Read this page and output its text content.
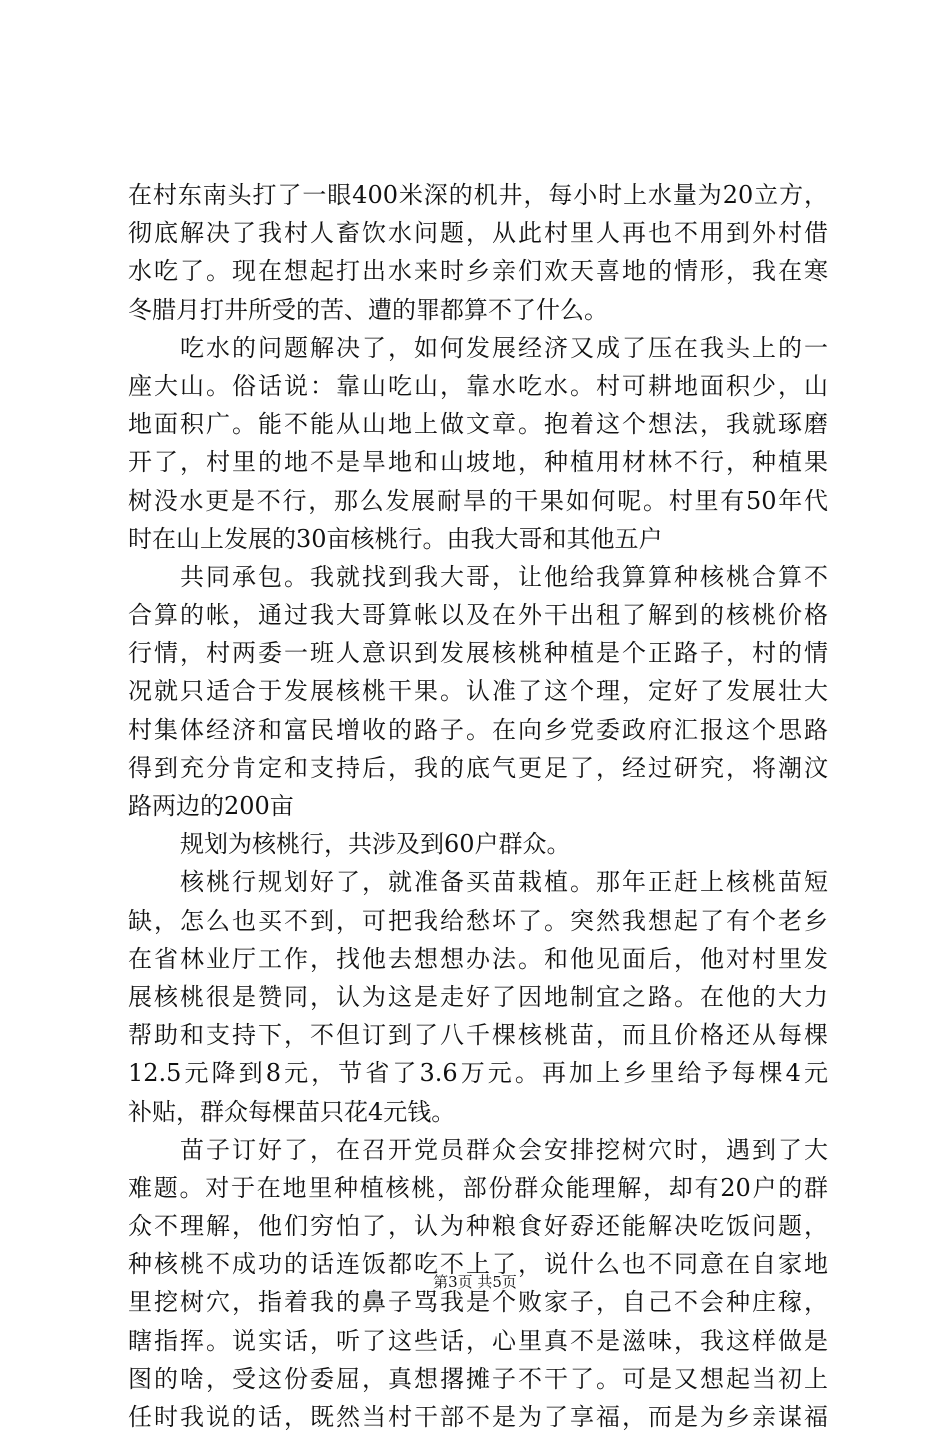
在村东南头打了一眼400米深的机井，每小时上水量为20立方，
彻底解决了我村人畜饮水问题，从此村里人再也不用到外村借
水吃了。现在想起打出水来时乡亲们欢天喜地的情形，我在寒
冬腊月打井所受的苦、遭的罪都算不了什么。
吃水的问题解决了，如何发展经济又成了压在我头上的一
座大山。俗话说：靠山吃山，靠水吃水。村可耕地面积少，山
地面积广。能不能从山地上做文章。抱着这个想法，我就琢磨
开了，村里的地不是旱地和山坡地，种植用材林不行，种植果
树没水更是不行，那么发展耐旱的干果如何呢。村里有50年代
时在山上发展的30亩核桃行。由我大哥和其他五户
共同承包。我就找到我大哥，让他给我算算种核桃合算不
合算的帐，通过我大哥算帐以及在外干出租了解到的核桃价格
行情，村两委一班人意识到发展核桃种植是个正路子，村的情
况就只适合于发展核桃干果。认准了这个理，定好了发展壮大
村集体经济和富民增收的路子。在向乡党委政府汇报这个思路
得到充分肯定和支持后，我的底气更足了，经过研究，将潮汶
路两边的200亩
规划为核桃行，共涉及到60户群众。
核桃行规划好了，就准备买苗栽植。那年正赶上核桃苗短
缺，怎么也买不到，可把我给愁坏了。突然我想起了有个老乡
在省林业厅工作，找他去想想办法。和他见面后，他对村里发
展核桃很是赞同，认为这是走好了因地制宜之路。在他的大力
帮助和支持下，不但订到了八千棵核桃苗，而且价格还从每棵
12.5元降到8元，节省了3.6万元。再加上乡里给予每棵4元
补贴，群众每棵苗只花4元钱。
苗子订好了，在召开党员群众会安排挖树穴时，遇到了大
难题。对于在地里种植核桃，部份群众能理解，却有20户的群
众不理解，他们穷怕了，认为种粮食好孬还能解决吃饭问题，
种核桃不成功的话连饭都吃不上了，说什么也不同意在自家地
里挖树穴，指着我的鼻子骂我是个败家子，自己不会种庄稼，
瞎指挥。说实话，听了这些话，心里真不是滋味，我这样做是
图的啥，受这份委屈，真想撂摊子不干了。可是又想起当初上
任时我说的话，既然当村干部不是为了享福，而是为乡亲谋福
第3页 共5页
